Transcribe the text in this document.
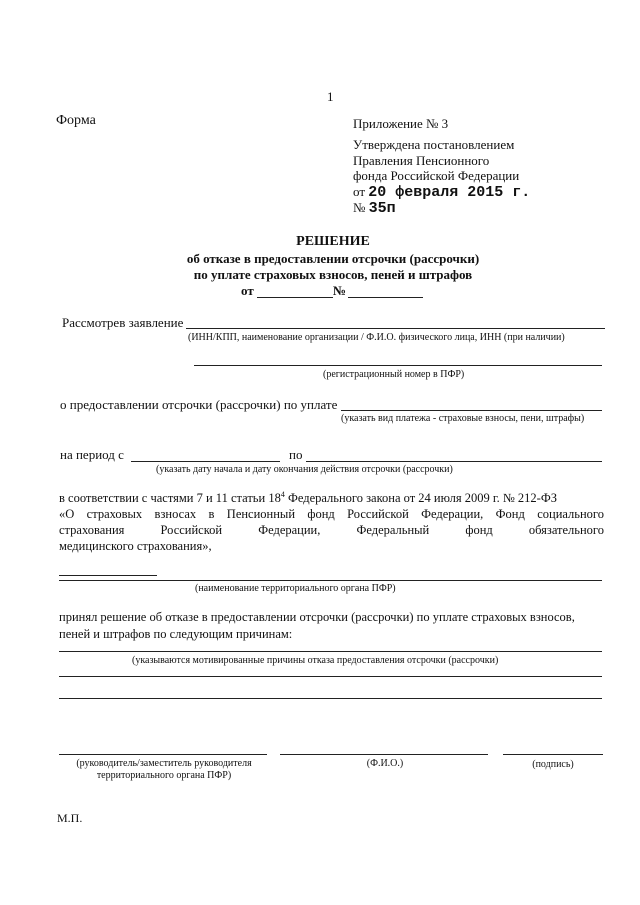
1
Форма	Приложение № 3
Утверждена постановлением
Правления Пенсионного
фонда Российской Федерации
от 20 февраля 2015 г.
№ 35п
РЕШЕНИЕ
об отказе в предоставлении отсрочки (рассрочки)
по уплате страховых взносов, пеней и штрафов
от	№
Рассмотрев заявление
(ИНН/КПП, наименование организации / Ф.И.О. физического лица, ИНН (при наличии)
(регистрационный номер в ПФР)
о предоставлении отсрочки (рассрочки) по уплате
(указать вид платежа - страховые взносы, пени, штрафы)
на период с	по
(указать дату начала и дату окончания действия отсрочки (рассрочки)
в соответствии с частями 7 и 11 статьи $18^4$ Федерального закона от 24 июля 2009 г. № 212-ФЗ
«О страховых взносах в Пенсионный фонд Российской Федерации, Фонд социального
страхования Российской Федерации, Федеральный фонд обязательного
медицинского страхования»,
(наименование территориального органа ПФР)
принял решение об отказе в предоставлении отсрочки (рассрочки) по уплате страховых взносов,
пеней и штрафов по следующим причинам:
(указываются мотивированные причины отказа предоставления отсрочки (рассрочки)
(руководитель/заместитель руководителя
территориального органа ПФР)
(Ф.И.О.)	(подпись)
М.П.
